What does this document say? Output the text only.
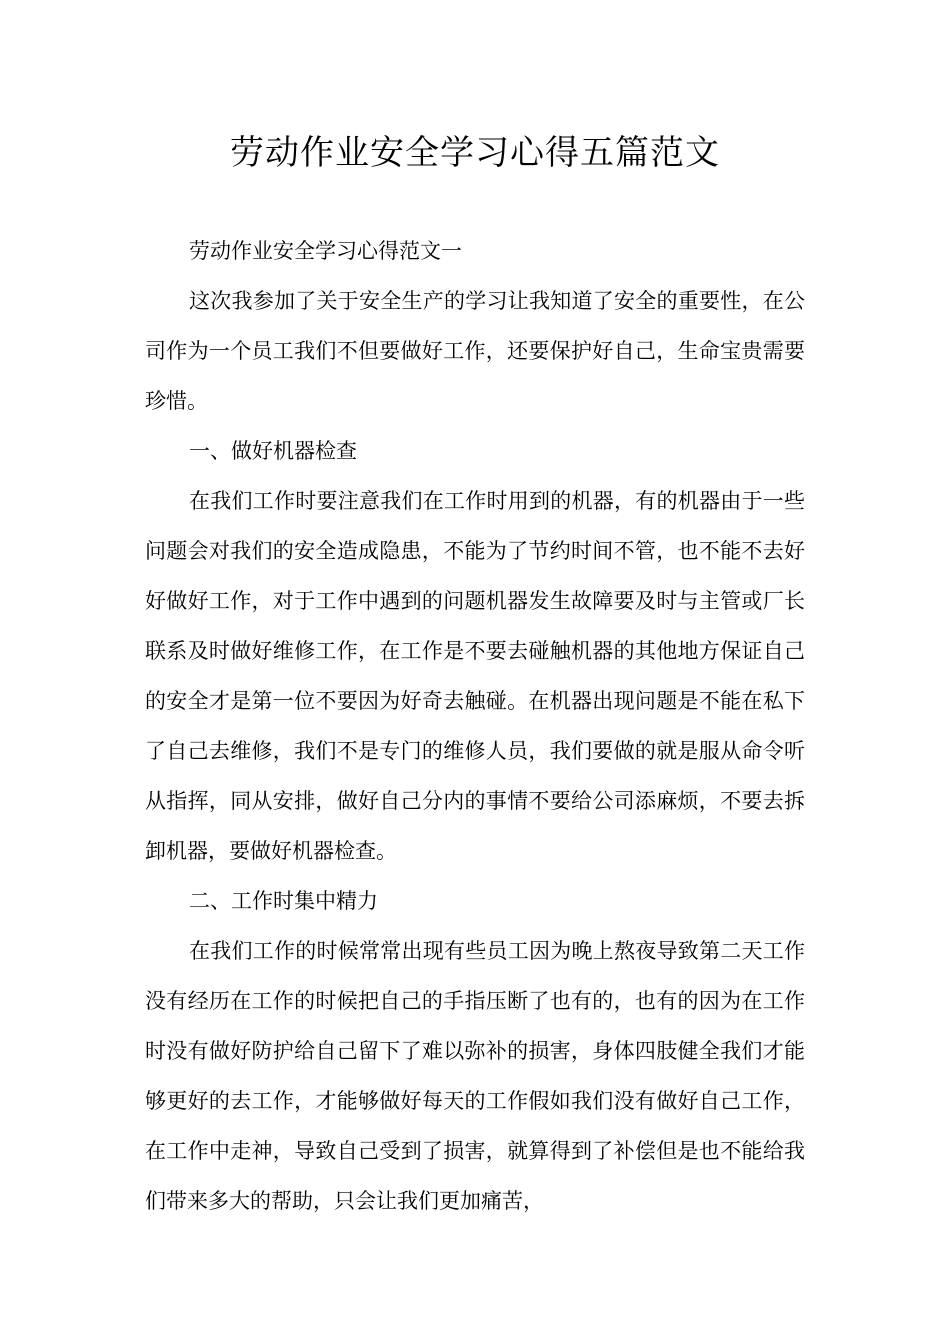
劳动作业安全学习心得五篇范文

劳动作业安全学习心得范文一

这次我参加了关于安全生产的学习让我知道了安全的重要性，在公司作为一个员工我们不但要做好工作，还要保护好自己，生命宝贵需要珍惜。

一、做好机器检查

在我们工作时要注意我们在工作时用到的机器，有的机器由于一些问题会对我们的安全造成隐患，不能为了节约时间不管，也不能不去好好做好工作，对于工作中遇到的问题机器发生故障要及时与主管或厂长联系及时做好维修工作，在工作是不要去碰触机器的其他地方保证自己的安全才是第一位不要因为好奇去触碰。在机器出现问题是不能在私下了自己去维修，我们不是专门的维修人员，我们要做的就是服从命令听从指挥，同从安排，做好自己分内的事情不要给公司添麻烦，不要去拆卸机器，要做好机器检查。

二、工作时集中精力

在我们工作的时候常常出现有些员工因为晚上熬夜导致第二天工作没有经历在工作的时候把自己的手指压断了也有的，也有的因为在工作时没有做好防护给自己留下了难以弥补的损害，身体四肢健全我们才能够更好的去工作，才能够做好每天的工作假如我们没有做好自己工作，在工作中走神，导致自己受到了损害，就算得到了补偿但是也不能给我们带来多大的帮助，只会让我们更加痛苦，
